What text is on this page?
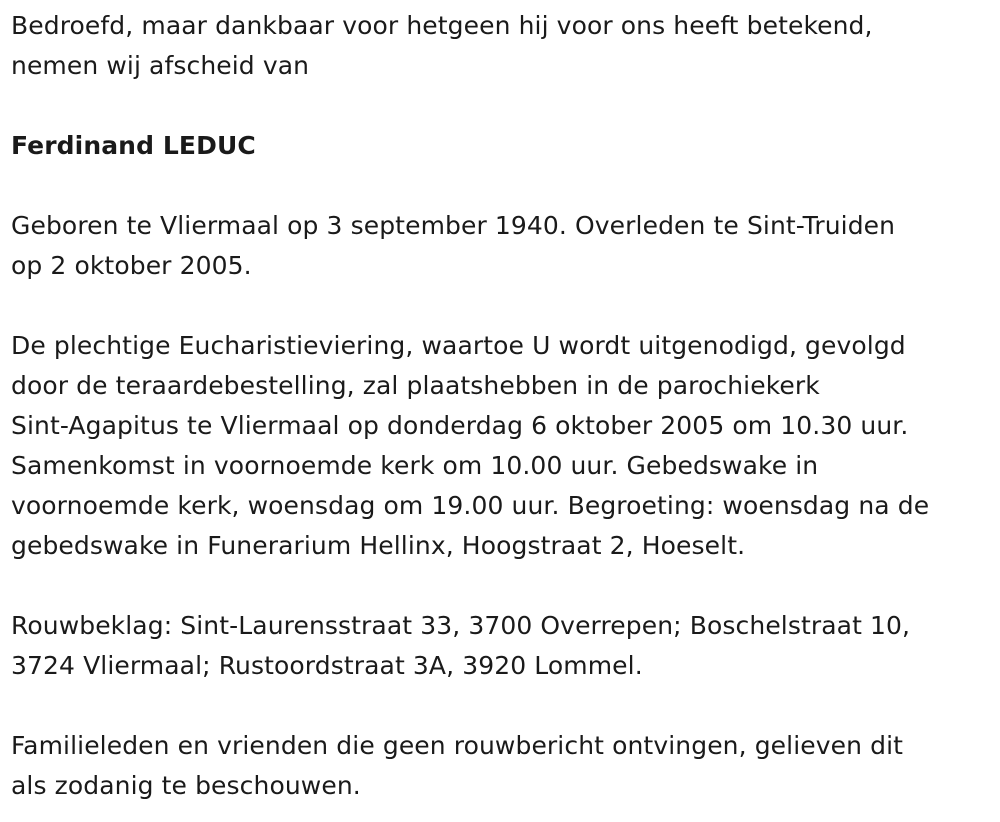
Bedroefd, maar dankbaar voor hetgeen hij voor ons heeft betekend,
nemen wij afscheid van

Ferdinand LEDUC

Geboren te Vliermaal op 3 september 1940. Overleden te Sint-Truiden
op 2 oktober 2005.

De plechtige Eucharistieviering, waartoe U wordt uitgenodigd, gevolgd
door de teraardebestelling, zal plaatshebben in de parochiekerk
Sint-Agapitus te Vliermaal op donderdag 6 oktober 2005 om 10.30 uur.
Samenkomst in voornoemde kerk om 10.00 uur. Gebedswake in
voornoemde kerk, woensdag om 19.00 uur. Begroeting: woensdag na de
gebedswake in Funerarium Hellinx, Hoogstraat 2, Hoeselt.

Rouwbeklag: Sint-Laurensstraat 33, 3700 Overrepen; Boschelstraat 10,
3724 Vliermaal; Rustoordstraat 3A, 3920 Lommel.

Familieleden en vrienden die geen rouwbericht ontvingen, gelieven dit
als zodanig te beschouwen.
